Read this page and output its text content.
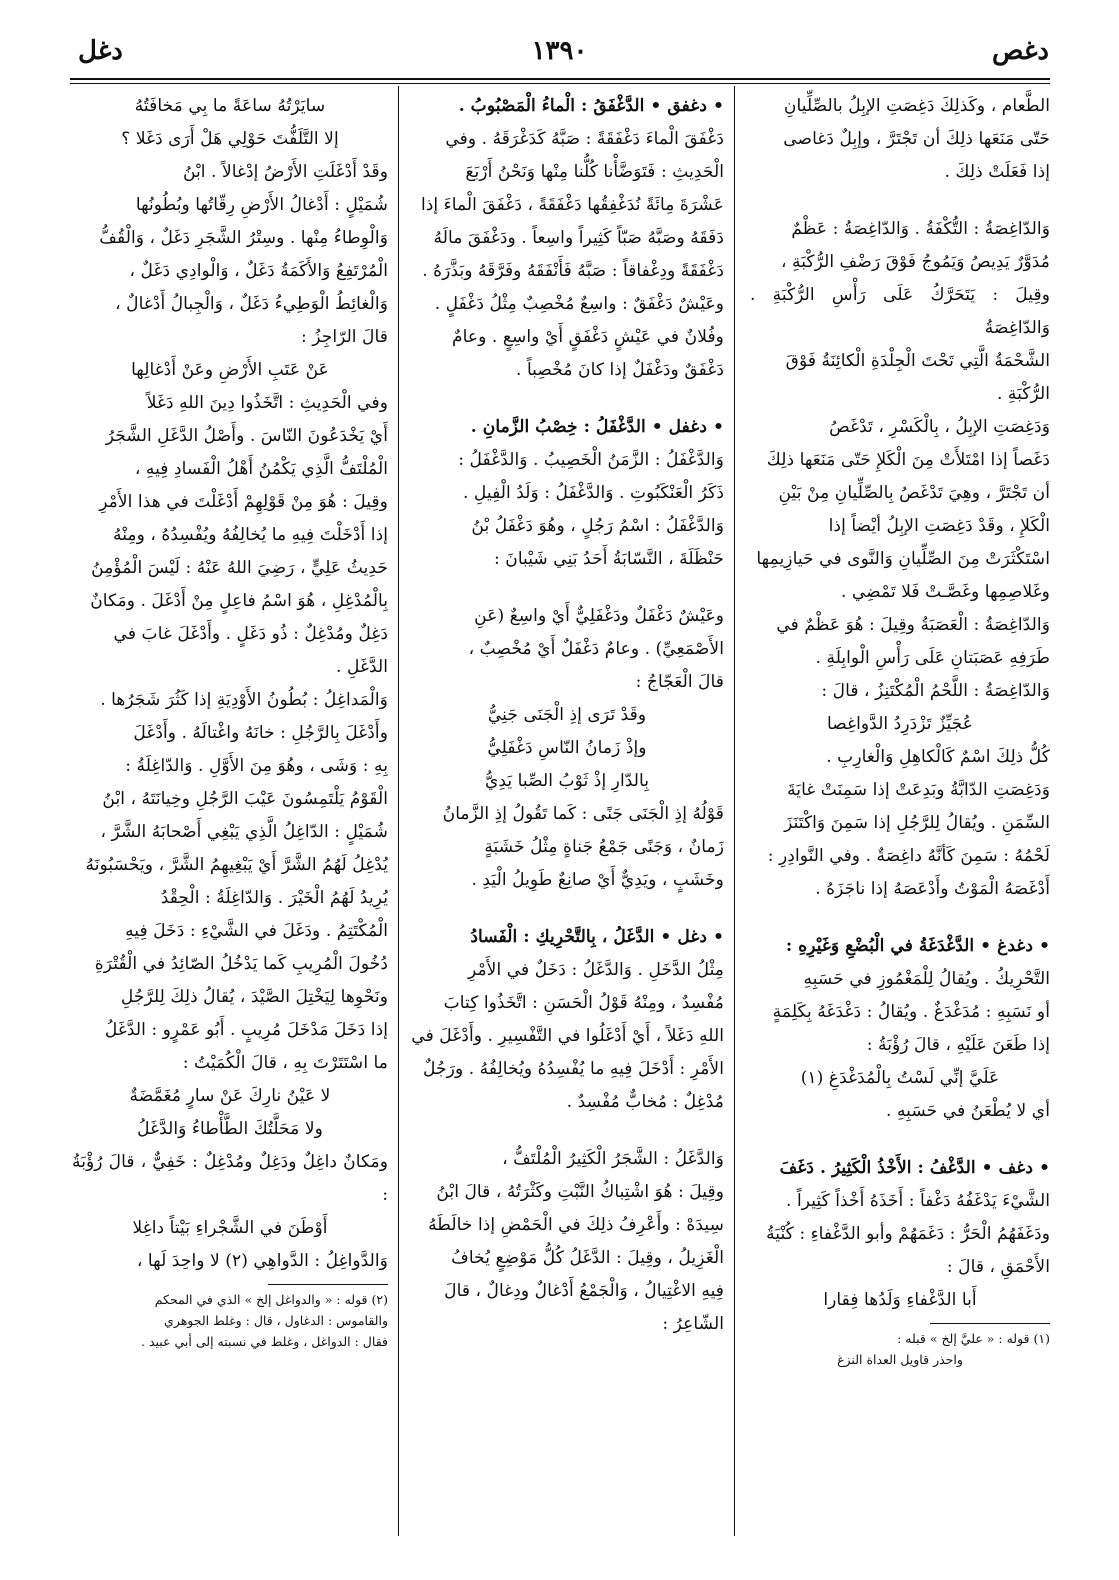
دغص
١٣٩٠
دغل

الطَّعام ، وكَذلِكَ دَغِصَتِ الإبِلُ بالصِّلِّيانِ

حَتّى مَنَعَها ذلِكَ أن تَجْتَرَّ ، وإبِلٌ دَغاصى

إذا فَعَلَتْ ذلِكَ .

وَالدّاغِصَةُ : التُّكْفَةُ . وَالدّاغِصَةُ : عَظْمٌ

مُدَوَّرٌ يَدِيصُ وَيَمُوجُ فَوْقَ رَضْفِ الرُّكْبَةِ ،

وقِيلَ : يَتَحَرَّكُ عَلَى رَأْسِ الرُّكْبَةِ . وَالدّاغِصَةُ

الشَّحْمَةُ الَّتِي تَحْتَ الْجِلْدَةِ الْكائِنَةُ فَوْقَ

الرُّكْبَةِ .

وَدَغِصَتِ الإبِلُ ، بِالْكَسْرِ ، تَدْغَصُ

دَغَصاً إذا امْتَلأَتْ مِنَ الْكَلإِ حَتّى مَنَعَها ذلِكَ

أن تَجْتَرَّ ، وهِيَ تَدْغَصُ بِالصِّلِّيانِ مِنْ بَيْنِ

الْكَلإِ ، وقَدْ دَغِصَتِ الإبِلُ أيْضاً إذا

اسْتَكْثَرَتْ مِنَ الصِّلِّيانِ وَالنَّوى في حَيازِيمِها

وغَلاصِمِها وغَصَّـتْ فَلا تَمْضِي .

وَالدّاغِصَةُ : الْعَصَبَةُ وقِيلَ : هُوَ عَظْمٌ في

طَرَفِهِ عَصَبَتانِ عَلَى رَأْسِ الْوابِلَةِ .

وَالدّاغِصَةُ : اللَّحْمُ الْمُكْتَنِزُ ، قالَ :

عُجَيِّزٌ تَزْدَرِدُ الدَّواغِصا

كُلُّ ذلِكَ اسْمٌ كَالْكاهِلِ وَالْغارِبِ .

وَدَغِصَتِ الدّابَّةُ وبَدِعَتْ إذا سَمِنَتْ غايَةَ

السِّمَنِ . ويُقالُ لِلرَّجُلِ إذا سَمِنَ وَاكْتَنَزَ

لَحْمُهُ : سَمِنَ كَأنَّهُ داغِصَةٌ . وفي النَّوادِرِ :

أَدْغَصَهُ الْمَوْتُ وأَدْعَصَهُ إذا ناجَزَهُ .

• دغدغ • الدَّغْدَغَةُ في الْبُضْعِ وَغَيْرِهِ :

التَّحْرِيكُ . ويُقالُ لِلْمَغْمُوزِ في حَسَبِهِ

أو نَسَبِهِ : مُدَغْدَغٌ . ويُقالُ : دَغْدَغَهُ بِكَلِمَةٍ

إذا طَعَنَ عَلَيْهِ ، قالَ رُؤْبَةُ :

عَلَيَّ إنِّي لَسْتُ بِالْمُدَغْدَغِ (١)

أي لا يُطْعَنُ في حَسَبِهِ .

• دغف • الدَّغْفُ : الأَخْذُ الْكَثِيرُ . دَغَفَ

الشَّيْءَ يَدْغَفُهُ دَغْفاً : أَخَذَهُ أَخْذاً كَثِيراً .

ودَغَفَهُمُ الْحَرُّ : دَغَمَهُمْ وأبو الدَّغْفاءِ : كُنْيَةُ

الأَحْمَقِ ، قالَ :

أَبا الدَّغْفاءِ وَلَدُها فِقارا

(١) قوله : « عليَّ إلخ » قبله :

واحذر قاويل العداة النزغ

• دغفق • الدَّغْفَقُ : الْماءُ الْمَصْبُوبُ .

دَغْفَقَ الْماءَ دَغْفَقَةً : صَبَّهُ كَدَغْرَقَهُ . وفي

الْحَدِيثِ : فَتَوَضَّأْنا كُلُّنا مِنْها وَنَحْنُ أَرْبَعَ

عَشْرَةَ مِائَةً نُدَغْفِقُها دَغْفَقَةً ، دَغْفَقَ الْماءَ إذا

دَفَقَهُ وصَبَّهُ صَبّاً كَثِيراً واسِعاً . ودَغْفَقَ مالَهُ

دَغْفَقَةً ودِغْفاقاً : صَبَّهُ فَأَنْفَقَهُ وفَرَّقَهُ وبَذَّرَهُ .

وعَيْشٌ دَغْفَقٌ : واسِعٌ مُخْصِبٌ مِثْلُ دَغْفَلٍ .

وفُلانٌ في عَيْشٍ دَغْفَقٍ أَيْ واسِعٍ . وعامٌ

دَغْفَقٌ ودَغْفَلٌ إذا كانَ مُخْصِباً .

• دغفل • الدَّغْفَلُ : خِصْبُ الزَّمانِ .

وَالدَّغْفَلُ : الزَّمَنُ الْخَصِيبُ . وَالدَّغْفَلُ :

ذَكَرُ الْعَنْكَبُوتِ . وَالدَّغْفَلُ : وَلَدُ الْفِيلِ .

وَالدَّغْفَلُ : اسْمُ رَجُلٍ ، وهُوَ دَغْفَلُ بْنُ

حَنْظَلَةَ ، النَّسّابَةُ أَحَدُ بَنِي شَيْبانَ :

وعَيْشٌ دَغْفَلٌ ودَغْفَلِيٌّ أَيْ واسِعٌ (عَنِ

الأَصْمَعِيِّ) . وعامٌ دَغْفَلٌ أَيْ مُخْصِبٌ ،

قالَ الْعَجّاجُ :

وقَدْ تَرَى إذِ الْجَنَى جَنِيُّ

وإذْ زَمانُ النّاسِ دَغْفَلِيُّ

بِالدّارِ إذْ ثَوْبُ الصِّبا يَدِيُّ

قَوْلُهُ إذِ الْجَنَى جَنًى : كَما تَقُولُ إذِ الزَّمانُ

زَمانٌ ، وَجَنًى جَمْعُ جَناةٍ مِثْلُ خَشَبَةٍ

وخَشَبٍ ، ويَدِيٌّ أَيْ صانِعٌ طَوِيلُ الْيَدِ .

• دغل • الدَّغَلُ ، بِالتَّحْرِيكِ : الْفَسادُ

مِثْلُ الدَّخَلِ . وَالدَّغَلُ : دَخَلٌ في الأَمْرِ

مُفْسِدٌ ، ومِنْهُ قَوْلُ الْحَسَنِ : اتَّخَذُوا كِتابَ

اللهِ دَغَلاً ، أَيْ أَدْغَلُوا في التَّفْسِيرِ . وأَدْغَلَ في

الأَمْرِ : أَدْخَلَ فِيهِ ما يُفْسِدُهُ ويُخالِفُهُ . ورَجُلٌ

مُدْغِلٌ : مُخابٌّ مُفْسِدٌ .

وَالدَّغَلُ : الشَّجَرُ الْكَثِيرُ الْمُلْتَفُّ ،

وقِيلَ : هُوَ اشْتِباكُ النَّبْتِ وكَثْرَتُهُ ، قالَ ابْنُ

سِيدَهْ : وأَعْرِفُ ذلِكَ في الْحَمْضِ إذا خالَطَهُ

الْغَزِيلُ ، وقِيلَ : الدَّغَلُ كُلُّ مَوْضِعٍ يُخافُ

فِيهِ الاغْتِيالُ ، وَالْجَمْعُ أَدْغالٌ ودِغالٌ ، قالَ

الشّاعِرُ :

سايَرْتُهُ ساعَةً ما بِي مَخافَتُهُ

إلا التَّلَفُّتَ حَوْلِي هَلْ أَرَى دَغَلا ؟

وقَدْ أَدْغَلَتِ الأَرْضُ إدْغالاً . ابْنُ

شُمَيْلٍ : أَدْغالُ الأَرْضِ رِقّاتُها وبُطُونُها

وَالْوِطاءُ مِنْها . وسِتْرُ الشَّجَرِ دَغَلٌ ، وَالْقُفُّ

الْمُرْتَفِعُ وَالأَكَمَةُ دَغَلٌ ، وَالْوادِي دَغَلٌ ،

وَالْغائِطُ الْوَطِيءُ دَغَلٌ ، وَالْجِبالُ أَدْغالٌ ،

قالَ الرّاجِزُ :

عَنْ عَتَبِ الأَرْضِ وعَنْ أَدْغالِها

وفي الْحَدِيثِ : اتَّخَذُوا دِينَ اللهِ دَغَلاً

أَيْ يَخْدَعُونَ النّاسَ . وأَصْلُ الدَّغَلِ الشَّجَرُ

الْمُلْتَفُّ الَّذِي يَكْمُنُ أَهْلُ الْفَسادِ فِيهِ ،

وقِيلَ : هُوَ مِنْ قَوْلِهِمْ أَدْغَلْتَ في هذا الأَمْرِ

إذا أَدْخَلْتَ فِيهِ ما يُخالِفُهُ ويُفْسِدُهُ ، ومِنْهُ

حَدِيثُ عَلِيٍّ ، رَضِيَ اللهُ عَنْهُ : لَيْسَ الْمُؤْمِنُ

بِالْمُدْغِلِ ، هُوَ اسْمُ فاعِلٍ مِنْ أَدْغَلَ . ومَكانٌ

دَغِلٌ ومُدْغِلٌ : ذُو دَغَلٍ . وأَدْغَلَ غابَ في

الدَّغَلِ .

وَالْمَداغِلُ : بُطُونُ الأَوْدِيَةِ إذا كَثُرَ شَجَرُها .

وأَدْغَلَ بِالرَّجُلِ : خانَهُ واغْتالَهُ . وأَدْغَلَ

بِهِ : وَشَى ، وهُوَ مِنَ الأَوَّلِ . وَالدّاغِلَةُ :

الْقَوْمُ يَلْتَمِسُونَ عَيْبَ الرَّجُلِ وخِيانَتَهُ ، ابْنُ

شُمَيْلٍ : الدّاغِلُ الَّذِي يَبْغِي أَصْحابَهُ الشَّرَّ ،

يُدْغِلُ لَهُمُ الشَّرَّ أَيْ يَبْغِيهِمُ الشَّرَّ ، ويَحْسَبُونَهُ

يُرِيدُ لَهُمُ الْخَيْرَ . وَالدّاغِلَةُ : الْحِقْدُ

الْمُكْتَتِمُ . ودَغَلَ في الشَّيْءِ : دَخَلَ فِيهِ

دُخُولَ الْمُرِيبِ كَما يَدْخُلُ الصّائِدُ في الْقُتْرَةِ

ونَحْوِها لِيَخْتِلَ الصَّيْدَ ، يُقالُ ذلِكَ لِلرَّجُلِ

إذا دَخَلَ مَدْخَلَ مُرِيبٍ . أَبُو عَمْرٍو : الدَّغَلُ

ما اسْتَتَرْتَ بِهِ ، قالَ الْكُمَيْتُ :

لا عَيْنُ نارِكَ عَنْ سارٍ مُغَمَّضَةٌ

ولا مَحَلَّتُكَ الطَّأْطاءُ وَالدَّغَلُ

ومَكانٌ داغِلٌ ودَغِلٌ ومُدْغِلٌ : خَفِيٌّ ، قالَ رُؤْبَةُ :

أَوْطَنَ في الشَّجْراءِ بَيْتاً داغِلا

وَالدَّواغِلُ : الدَّواهِي (٢) لا واحِدَ لَها ،

(٢) قوله : « والدواغل إلخ » الذي في المحكم

والقاموس : الدغاول ، قال : وغلط الجوهري

فقال : الدواغل ، وغلط في نسبته إلى أبي عبيد .
